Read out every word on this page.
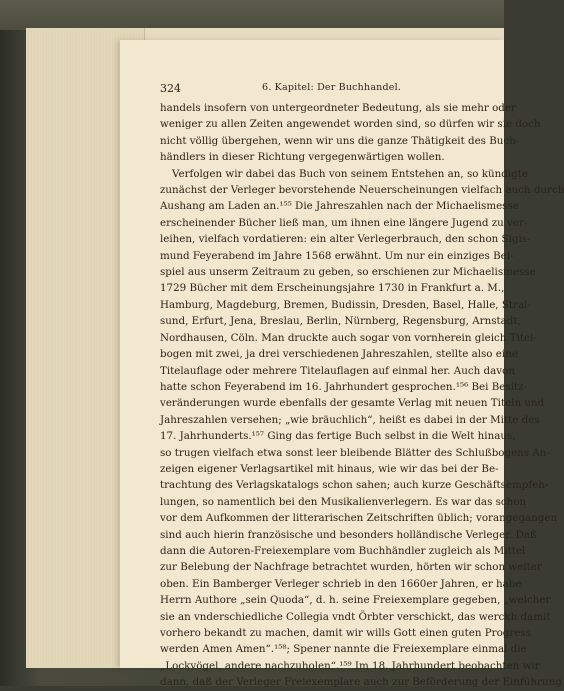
324	6. Kapitel: Der Buchhandel.
handels insofern von untergeordneter Bedeutung, als sie mehr oder
weniger zu allen Zeiten angewendet worden sind, so dürfen wir sie doch
nicht völlig übergehen, wenn wir uns die ganze Thätigkeit des Buch-
händlers in dieser Richtung vergegenwärtigen wollen.
Verfolgen wir dabei das Buch von seinem Entstehen an, so kündigte
zunächst der Verleger bevorstehende Neuerscheinungen vielfach auch durch
Aushang am Laden an.¹⁵⁵ Die Jahreszahlen nach der Michaelismesse
erscheinender Bücher ließ man, um ihnen eine längere Jugend zu ver-
leihen, vielfach vordatieren: ein alter Verlegerbrauch, den schon Sigis-
mund Feyerabend im Jahre 1568 erwähnt. Um nur ein einziges Bei-
spiel aus unserm Zeitraum zu geben, so erschienen zur Michaelismesse
1729 Bücher mit dem Erscheinungsjahre 1730 in Frankfurt a. M.,
Hamburg, Magdeburg, Bremen, Budissin, Dresden, Basel, Halle, Stral-
sund, Erfurt, Jena, Breslau, Berlin, Nürnberg, Regensburg, Arnstadt,
Nordhausen, Cöln. Man druckte auch sogar von vornherein gleich Titel-
bogen mit zwei, ja drei verschiedenen Jahreszahlen, stellte also eine
Titelauflage oder mehrere Titelauflagen auf einmal her. Auch davon
hatte schon Feyerabend im 16. Jahrhundert gesprochen.¹⁵⁶ Bei Besitz-
veränderungen wurde ebenfalls der gesamte Verlag mit neuen Titeln und
Jahreszahlen versehen; „wie bräuchlich“, heißt es dabei in der Mitte des
17. Jahrhunderts.¹⁵⁷ Ging das fertige Buch selbst in die Welt hinaus,
so trugen vielfach etwa sonst leer bleibende Blätter des Schlußbogens An-
zeigen eigener Verlagsartikel mit hinaus, wie wir das bei der Be-
trachtung des Verlagskatalogs schon sahen; auch kurze Geschäftsempfeh-
lungen, so namentlich bei den Musikalienverlegern. Es war das schon
vor dem Aufkommen der litterarischen Zeitschriften üblich; vorangegangen
sind auch hierin französische und besonders holländische Verleger. Daß
dann die Autoren-Freiexemplare vom Buchhändler zugleich als Mittel
zur Belebung der Nachfrage betrachtet wurden, hörten wir schon weiter
oben. Ein Bamberger Verleger schrieb in den 1660er Jahren, er habe
Herrn Authore „sein Quoda“, d. h. seine Freiexemplare gegeben, „welcher
sie an vnderschiedliche Collegia vndt Örbter verschickt, das werckh damit
vorhero bekandt zu machen, damit wir wills Gott einen guten Progress
werden Amen Amen“.¹⁵⁸; Spener nannte die Freiexemplare einmal die
„Lockvögel, andere nachzuholen“.¹⁵⁹ Im 18. Jahrhundert beobachten wir
dann, daß der Verleger Freiexemplare auch zur Beförderung der Einführung
